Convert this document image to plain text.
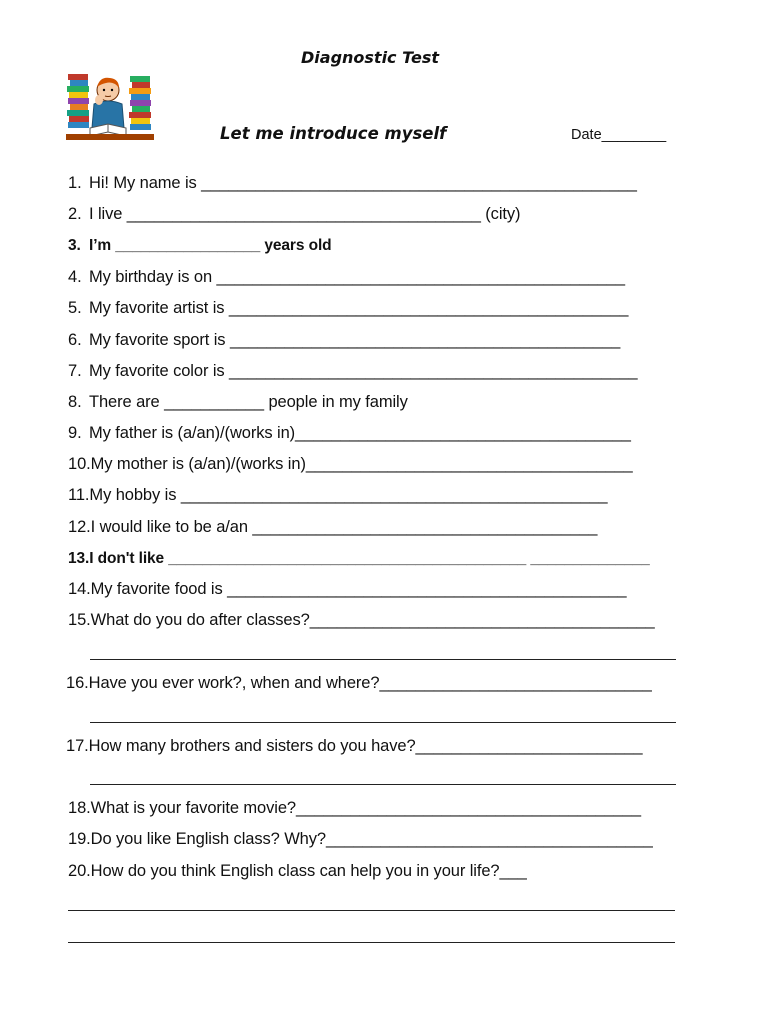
Diagnostic Test
Let me introduce myself	Date________
1. Hi! My name is ________________________________________________
2. I live _______________________________________ (city)
3. I’m _________________ years old
4. My birthday is on _____________________________________________
5. My favorite artist is ____________________________________________
6. My favorite sport is ___________________________________________
7. My favorite color is _____________________________________________
8. There are ___________ people in my family
9. My father is (a/an)/(works in)_____________________________________
10.My mother is (a/an)/(works in)____________________________________
11.My hobby is _______________________________________________
12.I would like to be a/an ______________________________________
13.I don't like __________________________________________ ______________
14.My favorite food is ____________________________________________
15.What do you do after classes?______________________________________
16.Have you ever work?, when and where?______________________________
17.How many brothers and sisters do you have?_________________________
18.What is your favorite movie?______________________________________
19.Do you like English class? Why?____________________________________
20.How do you think English class can help you in your life?___
